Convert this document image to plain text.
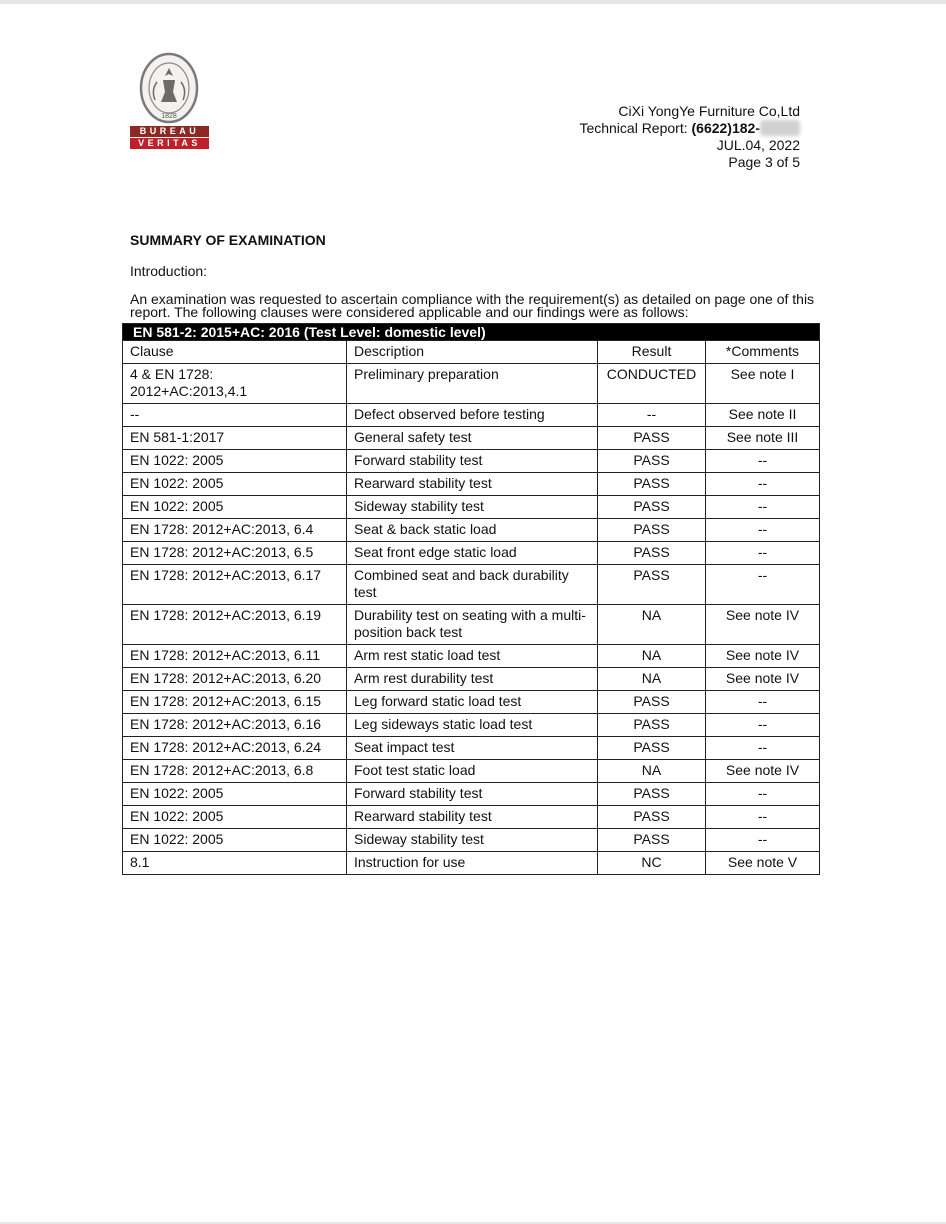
1828
BUREAU
VERITAS
CiXi YongYe Furniture Co,Ltd
Technical Report: (6622)182-
JUL.04, 2022
Page 3 of 5
SUMMARY OF EXAMINATION
Introduction:
An examination was requested to ascertain compliance with the requirement(s) as detailed on page one of this report. The following clauses were considered applicable and our findings were as follows:
EN 581-2: 2015+AC: 2016 (Test Level: domestic level)			
Clause	Description	Result	*Comments
4 & EN 1728:
2012+AC:2013,4.1	Preliminary preparation	CONDUCTED	See note I
--	Defect observed before testing	--	See note II
EN 581-1:2017	General safety test	PASS	See note III
EN 1022: 2005	Forward stability test	PASS	--
EN 1022: 2005	Rearward stability test	PASS	--
EN 1022: 2005	Sideway stability test	PASS	--
EN 1728: 2012+AC:2013, 6.4	Seat & back static load	PASS	--
EN 1728: 2012+AC:2013, 6.5	Seat front edge static load	PASS	--
EN 1728: 2012+AC:2013, 6.17	Combined seat and back durability test	PASS	--
EN 1728: 2012+AC:2013, 6.19	Durability test on seating with a multi-position back test	NA	See note IV
EN 1728: 2012+AC:2013, 6.11	Arm rest static load test	NA	See note IV
EN 1728: 2012+AC:2013, 6.20	Arm rest durability test	NA	See note IV
EN 1728: 2012+AC:2013, 6.15	Leg forward static load test	PASS	--
EN 1728: 2012+AC:2013, 6.16	Leg sideways static load test	PASS	--
EN 1728: 2012+AC:2013, 6.24	Seat impact test	PASS	--
EN 1728: 2012+AC:2013, 6.8	Foot test static load	NA	See note IV
EN 1022: 2005	Forward stability test	PASS	--
EN 1022: 2005	Rearward stability test	PASS	--
EN 1022: 2005	Sideway stability test	PASS	--
8.1	Instruction for use	NC	See note V
